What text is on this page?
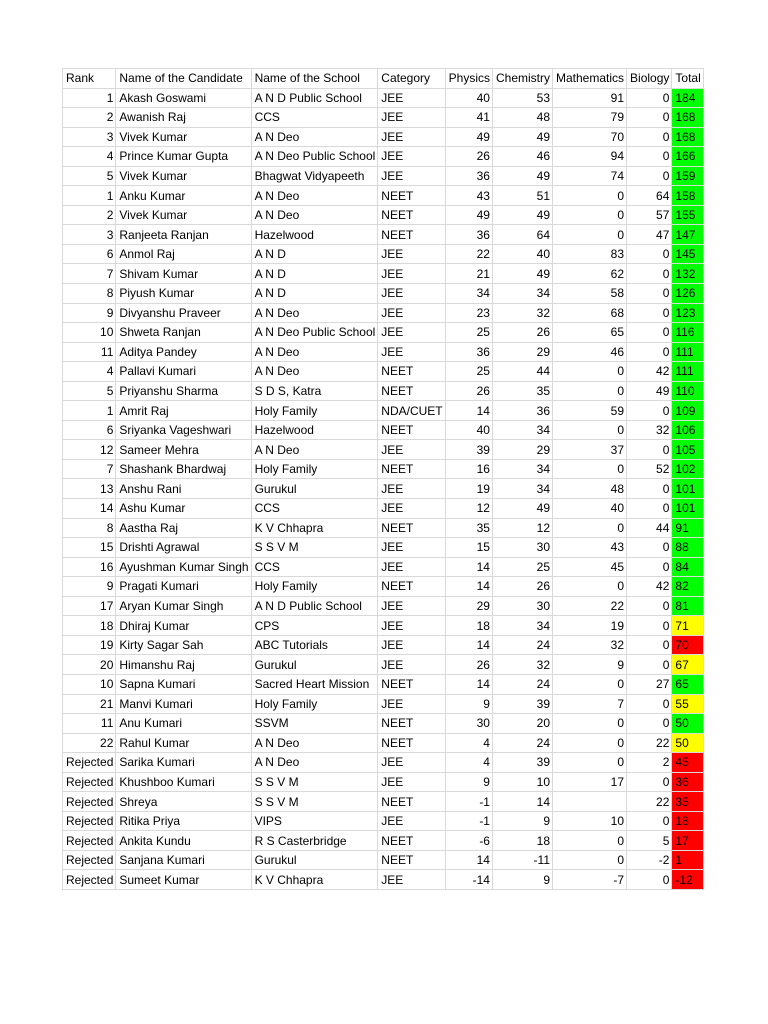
Rank	Name of the Candidate	Name of the School	Category	Physics	Chemistry	Mathematics	Biology	Total
1	Akash Goswami	A N D Public School	JEE	40	53	91	0	184
2	Awanish Raj	CCS	JEE	41	48	79	0	168
3	Vivek Kumar	A N Deo	JEE	49	49	70	0	168
4	Prince Kumar Gupta	A N Deo Public School	JEE	26	46	94	0	166
5	Vivek Kumar	Bhagwat Vidyapeeth	JEE	36	49	74	0	159
1	Anku Kumar	A N Deo	NEET	43	51	0	64	158
2	Vivek Kumar	A N Deo	NEET	49	49	0	57	155
3	Ranjeeta Ranjan	Hazelwood	NEET	36	64	0	47	147
6	Anmol Raj	A N D	JEE	22	40	83	0	145
7	Shivam Kumar	A N D	JEE	21	49	62	0	132
8	Piyush Kumar	A N D	JEE	34	34	58	0	126
9	Divyanshu Praveer	A N Deo	JEE	23	32	68	0	123
10	Shweta Ranjan	A N Deo Public School	JEE	25	26	65	0	116
11	Aditya Pandey	A N Deo	JEE	36	29	46	0	111
4	Pallavi Kumari	A N Deo	NEET	25	44	0	42	111
5	Priyanshu Sharma	S D S, Katra	NEET	26	35	0	49	110
1	Amrit Raj	Holy Family	NDA/CUET	14	36	59	0	109
6	Sriyanka Vageshwari	Hazelwood	NEET	40	34	0	32	106
12	Sameer Mehra	A N Deo	JEE	39	29	37	0	105
7	Shashank Bhardwaj	Holy Family	NEET	16	34	0	52	102
13	Anshu Rani	Gurukul	JEE	19	34	48	0	101
14	Ashu Kumar	CCS	JEE	12	49	40	0	101
8	Aastha Raj	K V Chhapra	NEET	35	12	0	44	91
15	Drishti Agrawal	S S V M	JEE	15	30	43	0	88
16	Ayushman Kumar Singh	CCS	JEE	14	25	45	0	84
9	Pragati Kumari	Holy Family	NEET	14	26	0	42	82
17	Aryan Kumar Singh	A N D Public School	JEE	29	30	22	0	81
18	Dhiraj Kumar	CPS	JEE	18	34	19	0	71
19	Kirty Sagar Sah	ABC Tutorials	JEE	14	24	32	0	70
20	Himanshu Raj	Gurukul	JEE	26	32	9	0	67
10	Sapna Kumari	Sacred Heart Mission	NEET	14	24	0	27	65
21	Manvi Kumari	Holy Family	JEE	9	39	7	0	55
11	Anu Kumari	SSVM	NEET	30	20	0	0	50
22	Rahul Kumar	A N Deo	NEET	4	24	0	22	50
Rejected	Sarika Kumari	A N Deo	JEE	4	39	0	2	45
Rejected	Khushboo Kumari	S S V M	JEE	9	10	17	0	36
Rejected	Shreya	S S V M	NEET	-1	14		22	35
Rejected	Ritika Priya	VIPS	JEE	-1	9	10	0	18
Rejected	Ankita Kundu	R S Casterbridge	NEET	-6	18	0	5	17
Rejected	Sanjana Kumari	Gurukul	NEET	14	-11	0	-2	1
Rejected	Sumeet Kumar	K V Chhapra	JEE	-14	9	-7	0	-12
